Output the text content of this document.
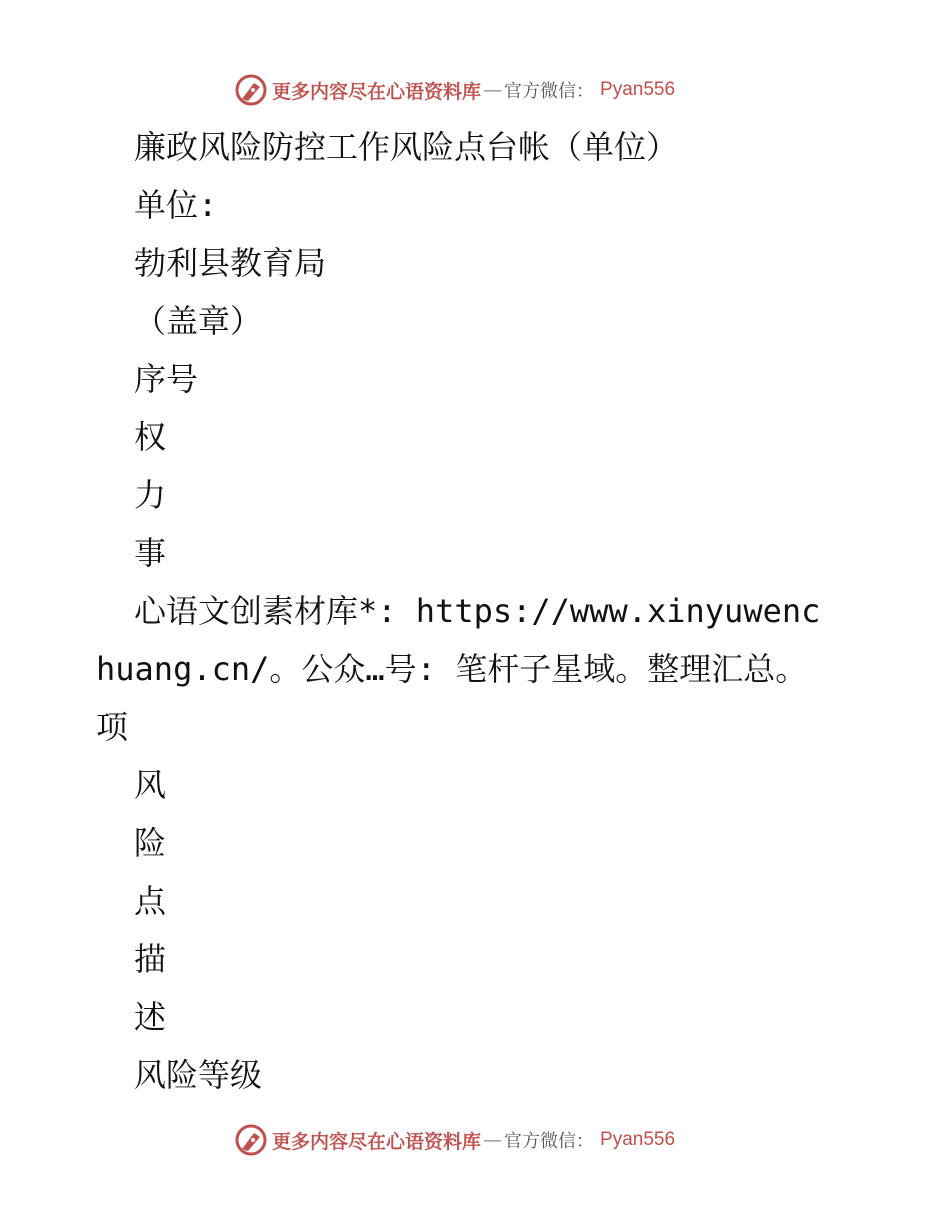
更多内容尽在心语资料库 — 官方微信： Pyan556

廉政风险防控工作风险点台帐（单位）

单位:

勃利县教育局

（盖章）

序号

权

力

事

心语文创素材库*: https://www.xinyuwenchuang.cn/。公众…号: 笔杆子星域。整理汇总。项

风

险

点

描

述

风险等级

更多内容尽在心语资料库 — 官方微信： Pyan556
